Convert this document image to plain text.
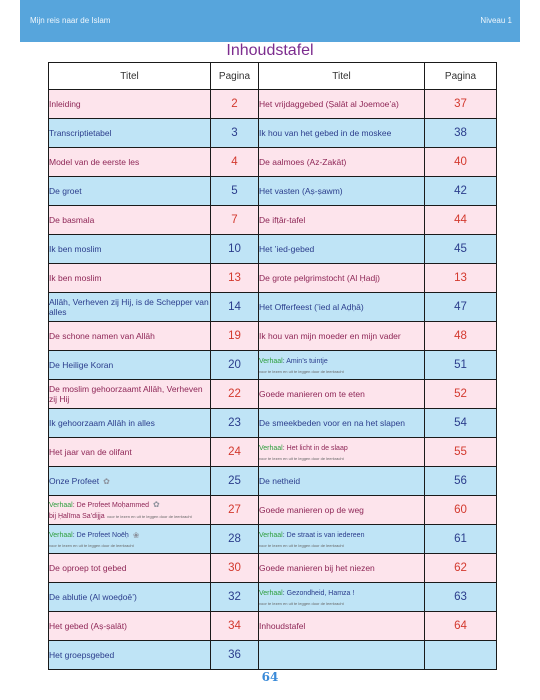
Mijn reis naar de Islam	Niveau 1
Inhoudstafel
Titel	Pagina	Titel	Pagina
Inleiding	2	Het vrijdaggebed (Ṣalāt al Joemoe’a)	37
Transcriptietabel	3	Ik hou van het gebed in de moskee	38
Model van de eerste les	4	De aalmoes (Az-Zakāt)	40
De groet	5	Het vasten (Aṣ-ṣawm)	42
De basmala	7	De ifṭār-tafel	44
Ik ben moslim	10	Het ’ied-gebed	45
Ik ben moslim	13	De grote pelgrimstocht (Al Ḥadj)	13
Allāh, Verheven zij Hij, is de Schepper van alles	14	Het Offerfeest (’ied al Aḍḥā)	47
De schone namen van Allāh	19	Ik hou van mijn moeder en mijn vader	48
De Heilige Koran	20	Verhaal: Amin’s tuintje
voor te lezen en uit te leggen door de leerkracht	51
De moslim gehoorzaamt Allāh, Verheven zij Hij	22	Goede manieren om te eten	52
Ik gehoorzaam Allāh in alles	23	De smeekbeden voor en na het slapen	54
Het jaar van de olifant	24	Verhaal: Het licht in de slaap
voor te lezen en uit te leggen door de leerkracht	55
Onze Profeet ✿	25	De netheid	56
Verhaal: De Profeet Moḥammed ✿
bij Ḥalīma Sa’dijja voor te lezen en uit te leggen door de leerkracht	27	Goede manieren op de weg	60
Verhaal: De Profeet Noēḥ ❀
voor te lezen en uit te leggen door de leerkracht	28	Verhaal: De straat is van iedereen
voor te lezen en uit te leggen door de leerkracht	61
De oproep tot gebed	30	Goede manieren bij het niezen	62
De ablutie (Al woeḍoē’)	32	Verhaal: Gezondheid, Hamza !
voor te lezen en uit te leggen door de leerkracht	63
Het gebed (Aṣ-ṣalāt)	34	Inhoudstafel	64
Het groepsgebed	36		
64
